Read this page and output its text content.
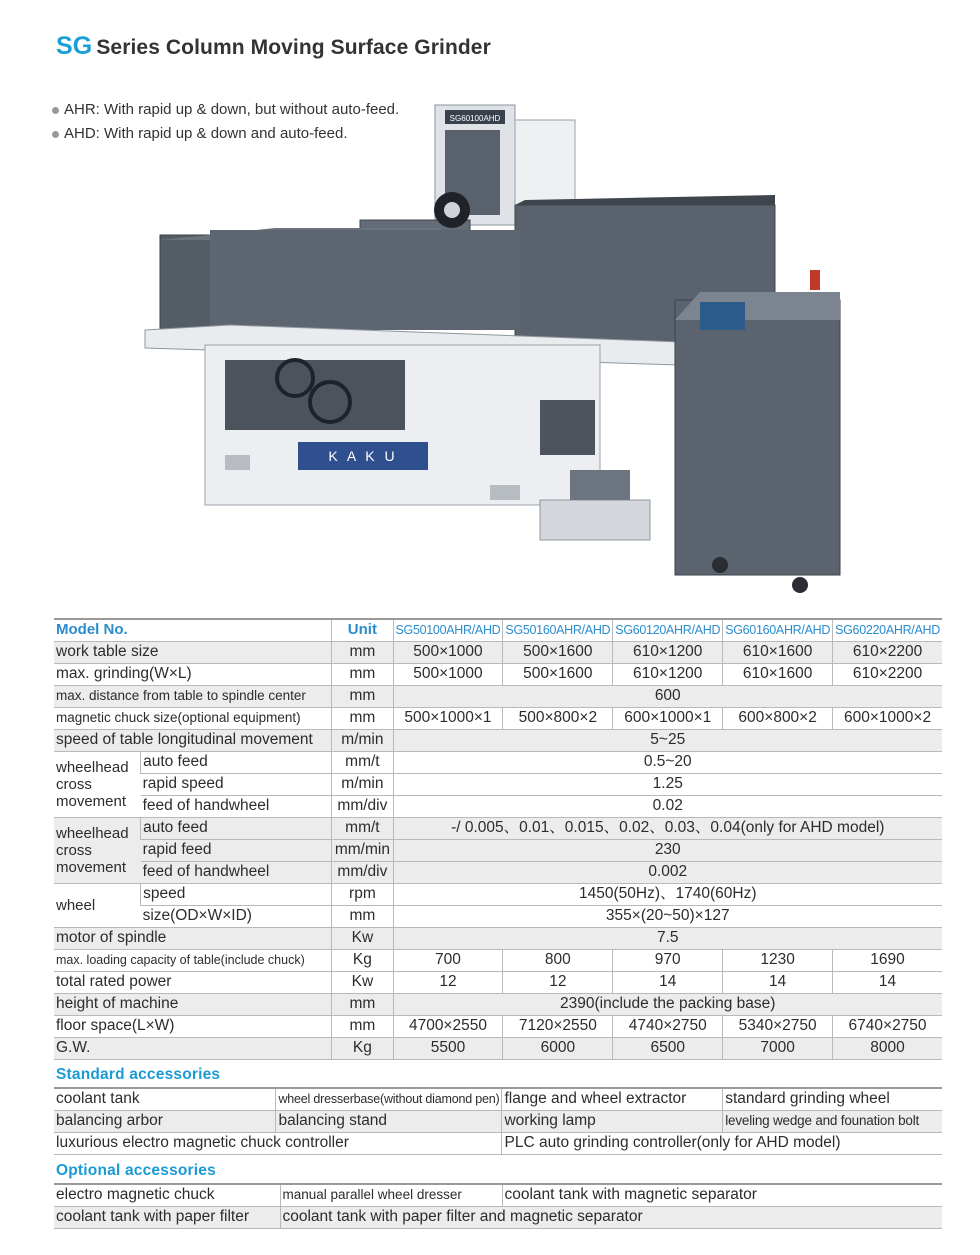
SG Series Column Moving Surface Grinder
AHR: With rapid up & down, but without auto-feed.
AHD: With rapid up & down and auto-feed.
SG60100AHD
K A K U
Model No.		Unit	SG50100AHR/AHD	SG50160AHR/AHD	SG60120AHR/AHD	SG60160AHR/AHD	SG60220AHR/AHD
work table size		mm	500×1000	500×1600	610×1200	610×1600	610×2200
max. grinding(W×L)		mm	500×1000	500×1600	610×1200	610×1600	610×2200
max. distance from table to spindle center		mm	600				
magnetic chuck size(optional equipment)		mm	500×1000×1	500×800×2	600×1000×1	600×800×2	600×1000×2
speed of table longitudinal movement		m/min	5~25				
wheelhead cross movement	auto feed	mm/t	0.5~20				
	rapid speed	m/min	1.25				
	feed of handwheel	mm/div	0.02				
wheelhead cross movement	auto feed	mm/t	-/ 0.005、0.01、0.015、0.02、0.03、0.04(only for AHD model)				
	rapid feed	mm/min	230				
	feed of handwheel	mm/div	0.002				
wheel	speed	rpm	1450(50Hz)、1740(60Hz)				
	size(OD×W×ID)	mm	355×(20~50)×127				
motor of spindle		Kw	7.5				
max. loading capacity of table(include chuck)		Kg	700	800	970	1230	1690
total rated power		Kw	12	12	14	14	14
height of machine		mm	2390(include the packing base)				
floor space(L×W)		mm	4700×2550	7120×2550	4740×2750	5340×2750	6740×2750
G.W.		Kg	5500	6000	6500	7000	8000
Standard accessories
coolant tank	wheel dresserbase(without diamond pen)	flange and wheel extractor	standard grinding wheel
balancing arbor	balancing stand	working lamp	leveling wedge and founation bolt
luxurious electro magnetic chuck controller		PLC auto grinding controller(only for AHD model)	
Optional accessories
electro magnetic chuck	manual parallel wheel dresser	coolant tank with magnetic separator
coolant tank with paper filter	coolant tank with paper filter and magnetic separator	
